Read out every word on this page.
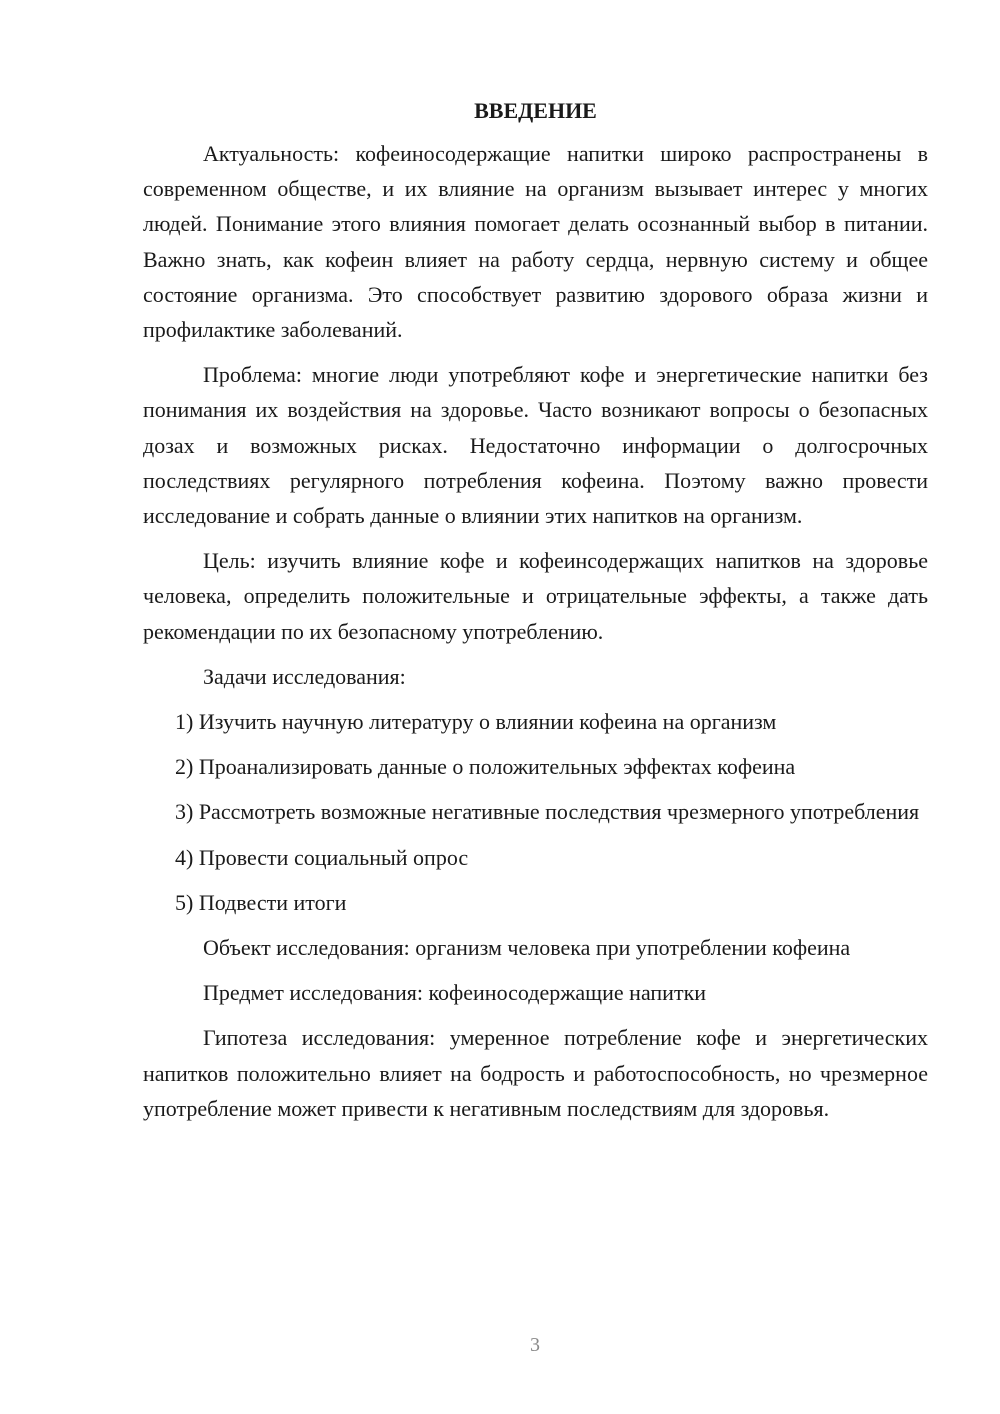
ВВЕДЕНИЕ

Актуальность: кофеиносодержащие напитки широко распространены в современном обществе, и их влияние на организм вызывает интерес у многих людей. Понимание этого влияния помогает делать осознанный выбор в питании. Важно знать, как кофеин влияет на работу сердца, нервную систему и общее состояние организма. Это способствует развитию здорового образа жизни и профилактике заболеваний.

Проблема: многие люди употребляют кофе и энергетические напитки без понимания их воздействия на здоровье. Часто возникают вопросы о безопасных дозах и возможных рисках. Недостаточно информации о долгосрочных последствиях регулярного потребления кофеина. Поэтому важно провести исследование и собрать данные о влиянии этих напитков на организм.

Цель: изучить влияние кофе и кофеинсодержащих напитков на здоровье человека, определить положительные и отрицательные эффекты, а также дать рекомендации по их безопасному употреблению.

Задачи исследования:

1) Изучить научную литературу о влиянии кофеина на организм

2) Проанализировать данные о положительных эффектах кофеина

3) Рассмотреть возможные негативные последствия чрезмерного употребления

4) Провести социальный опрос

5) Подвести итоги

Объект исследования: организм человека при употреблении кофеина

Предмет исследования: кофеиносодержащие напитки

Гипотеза исследования: умеренное потребление кофе и энергетических напитков положительно влияет на бодрость и работоспособность, но чрезмерное употребление может привести к негативным последствиям для здоровья.

3
